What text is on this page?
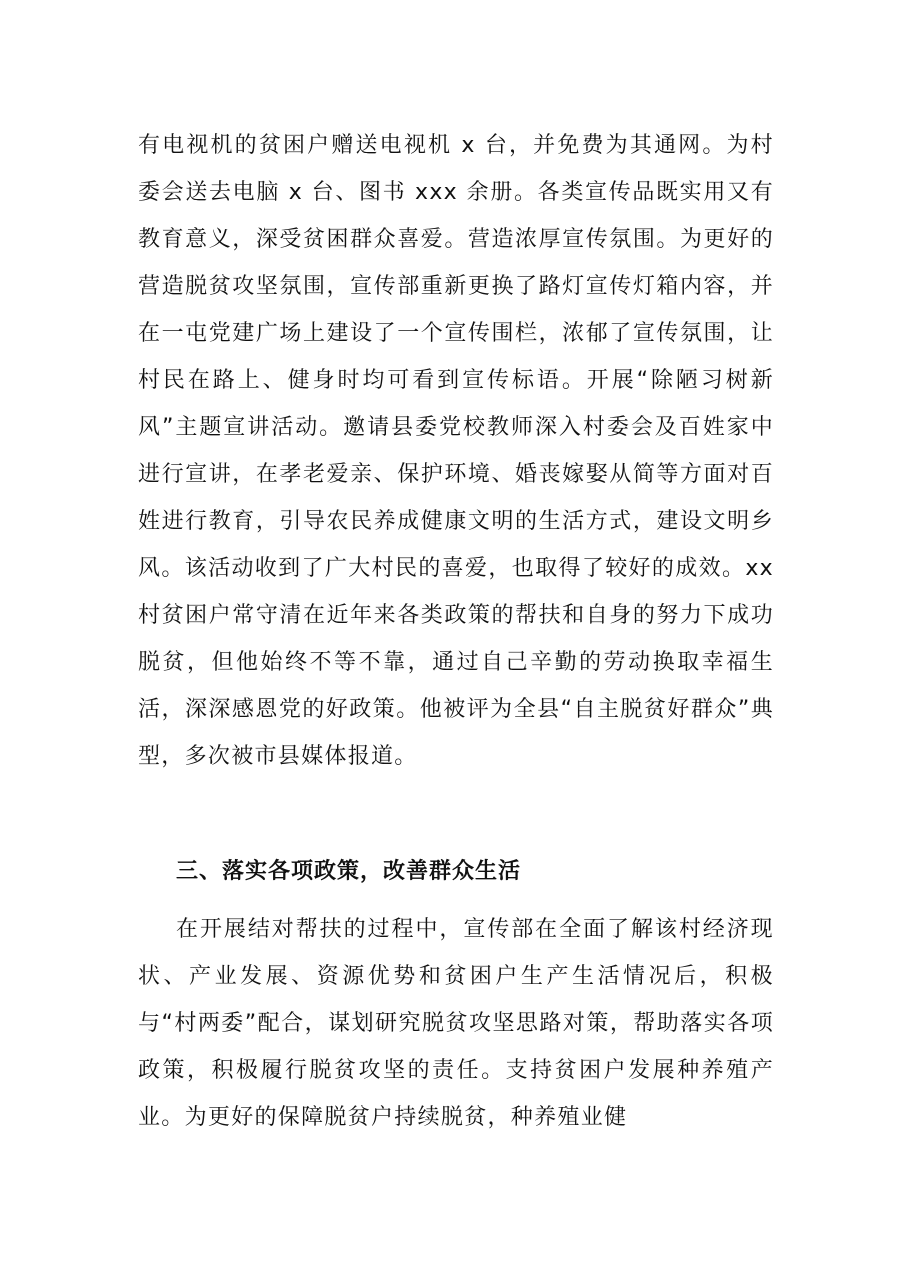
有电视机的贫困户赠送电视机 x 台，并免费为其通网。为村委会送去电脑 x 台、图书 xxx 余册。各类宣传品既实用又有教育意义，深受贫困群众喜爱。营造浓厚宣传氛围。为更好的营造脱贫攻坚氛围，宣传部重新更换了路灯宣传灯箱内容，并在一屯党建广场上建设了一个宣传围栏，浓郁了宣传氛围，让村民在路上、健身时均可看到宣传标语。开展“除陋习树新风”主题宣讲活动。邀请县委党校教师深入村委会及百姓家中进行宣讲，在孝老爱亲、保护环境、婚丧嫁娶从简等方面对百姓进行教育，引导农民养成健康文明的生活方式，建设文明乡风。该活动收到了广大村民的喜爱，也取得了较好的成效。xx 村贫困户常守清在近年来各类政策的帮扶和自身的努力下成功脱贫，但他始终不等不靠，通过自己辛勤的劳动换取幸福生活，深深感恩党的好政策。他被评为全县“自主脱贫好群众”典型，多次被市县媒体报道。

三、落实各项政策，改善群众生活

在开展结对帮扶的过程中，宣传部在全面了解该村经济现状、产业发展、资源优势和贫困户生产生活情况后，积极与“村两委”配合，谋划研究脱贫攻坚思路对策，帮助落实各项政策，积极履行脱贫攻坚的责任。支持贫困户发展种养殖产业。为更好的保障脱贫户持续脱贫，种养殖业健
